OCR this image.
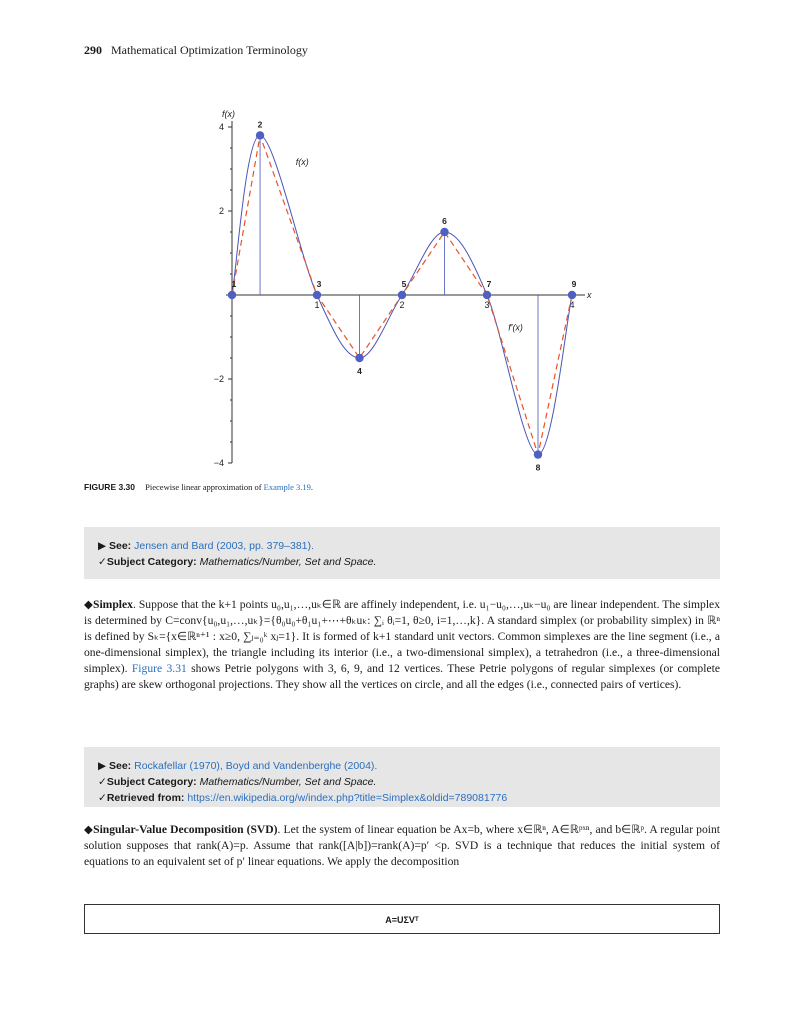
290 Mathematical Optimization Terminology
4
2
−2
−4
1	2	3	4
1
2
3
4
5
6
7
8
9
f(x)
x
f(x)
f′(x)
FIGURE 3.30 Piecewise linear approximation of Example 3.19.
▶ See: Jensen and Bard (2003, pp. 379–381).
✓Subject Category: Mathematics/Number, Set and Space.
◆Simplex. Suppose that the k+1 points u₀,u₁,…,uₖ∈ℝ are affinely independent, i.e. u₁−u₀,…,uₖ−u₀ are linear independent. The simplex is determined by C=conv{u₀,u₁,…,uₖ}={θ₀u₀+θ₁u₁+⋯+θₖuₖ: ∑ᵢ θᵢ=1, θ≥0, i=1,…,k}. A standard simplex (or probability simplex) in ℝⁿ is defined by Sₖ={x∈ℝⁿ⁺¹ : x≥0, ∑ⱼ₌₀ᵏ xⱼ=1}. It is formed of k+1 standard unit vectors. Common simplexes are the line segment (i.e., a one-dimensional simplex), the triangle including its interior (i.e., a two-dimensional simplex), a tetrahedron (i.e., a three-dimensional simplex). Figure 3.31 shows Petrie polygons with 3, 6, 9, and 12 vertices. These Petrie polygons of regular simplexes (or complete graphs) are skew orthogonal projections. They show all the vertices on circle, and all the edges (i.e., connected pairs of vertices).
▶ See: Rockafellar (1970), Boyd and Vandenberghe (2004).
✓Subject Category: Mathematics/Number, Set and Space.
✓Retrieved from: https://en.wikipedia.org/w/index.php?title=Simplex&oldid=789081776
◆Singular-Value Decomposition (SVD). Let the system of linear equation be Ax=b, where x∈ℝⁿ, A∈ℝᵖˣⁿ, and b∈ℝᵖ. A regular point solution supposes that rank(A)=p. Assume that rank([A|b])=rank(A)=p′ <p. SVD is a technique that reduces the initial system of equations to an equivalent set of p′ linear equations. We apply the decomposition
A=UΣVᵀ
